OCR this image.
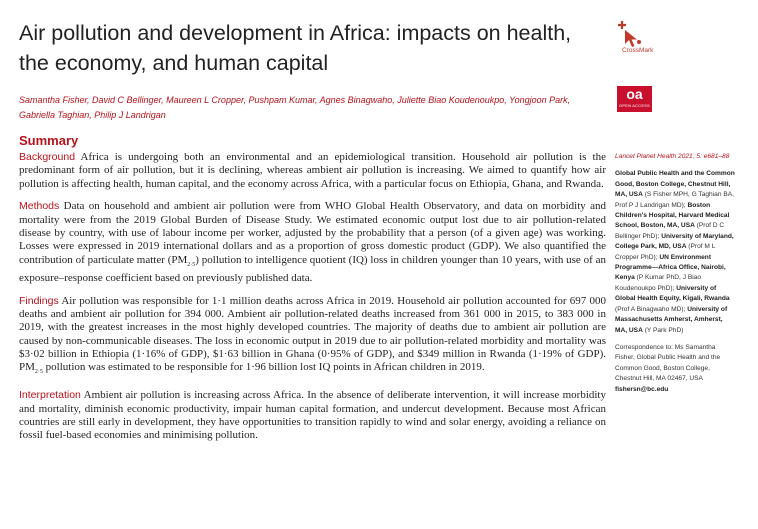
Air pollution and development in Africa: impacts on health, the economy, and human capital
CrossMark
oa
OPEN ACCESS
Samantha Fisher, David C Bellinger, Maureen L Cropper, Pushpam Kumar, Agnes Binagwaho, Juliette Biao Koudenoukpo, Yongjoon Park, Gabriella Taghian, Philip J Landrigan
Summary

Background Africa is undergoing both an environmental and an epidemiological transition. Household air pollution is the predominant form of air pollution, but it is declining, whereas ambient air pollution is increasing. We aimed to quantify how air pollution is affecting health, human capital, and the economy across Africa, with a particular focus on Ethiopia, Ghana, and Rwanda.

Methods Data on household and ambient air pollution were from WHO Global Health Observatory, and data on morbidity and mortality were from the 2019 Global Burden of Disease Study. We estimated economic output lost due to air pollution-related disease by country, with use of labour income per worker, adjusted by the probability that a person (of a given age) was working. Losses were expressed in 2019 international dollars and as a proportion of gross domestic product (GDP). We also quantified the contribution of particulate matter $(PM_{2\cdot 5})$ pollution to intelligence quotient (IQ) loss in children younger than 10 years, with use of an exposure–response coefficient based on previously published data.

Findings Air pollution was responsible for 1·1 million deaths across Africa in 2019. Household air pollution accounted for 697 000 deaths and ambient air pollution for 394 000. Ambient air pollution-related deaths increased from 361 000 in 2015, to 383 000 in 2019, with the greatest increases in the most highly developed countries. The majority of deaths due to ambient air pollution are caused by non-communicable diseases. The loss in economic output in 2019 due to air pollution-related morbidity and mortality was $3·02 billion in Ethiopia (1·16% of GDP), $1·63 billion in Ghana (0·95% of GDP), and $349 million in Rwanda (1·19% of GDP). $PM_{2\cdot 5}$ pollution was estimated to be responsible for 1·96 billion lost IQ points in African children in 2019.

Interpretation Ambient air pollution is increasing across Africa. In the absence of deliberate intervention, it will increase morbidity and mortality, diminish economic productivity, impair human capital formation, and undercut development. Because most African countries are still early in development, they have opportunities to transition rapidly to wind and solar energy, avoiding a reliance on fossil fuel-based economies and minimising pollution.

Lancet Planet Health 2021; 5: e681–88

Global Public Health and the Common Good, Boston College, Chestnut Hill, MA, USA (S Fisher MPH, G Taghian BA, Prof P J Landrigan MD); Boston Children's Hospital, Harvard Medical School, Boston, MA, USA (Prof D C Bellinger PhD); University of Maryland, College Park, MD, USA (Prof M L Cropper PhD); UN Environment Programme—Africa Office, Nairobi, Kenya (P Kumar PhD, J Biao Koudenoukpo PhD); University of Global Health Equity, Kigali, Rwanda (Prof A Binagwaho MD); University of Massachusetts Amherst, Amherst, MA, USA (Y Park PhD)

Correspondence to: Ms Samantha Fisher, Global Public Health and the Common Good, Boston College, Chestnut Hill, MA 02467, USA fishersn@bc.edu
